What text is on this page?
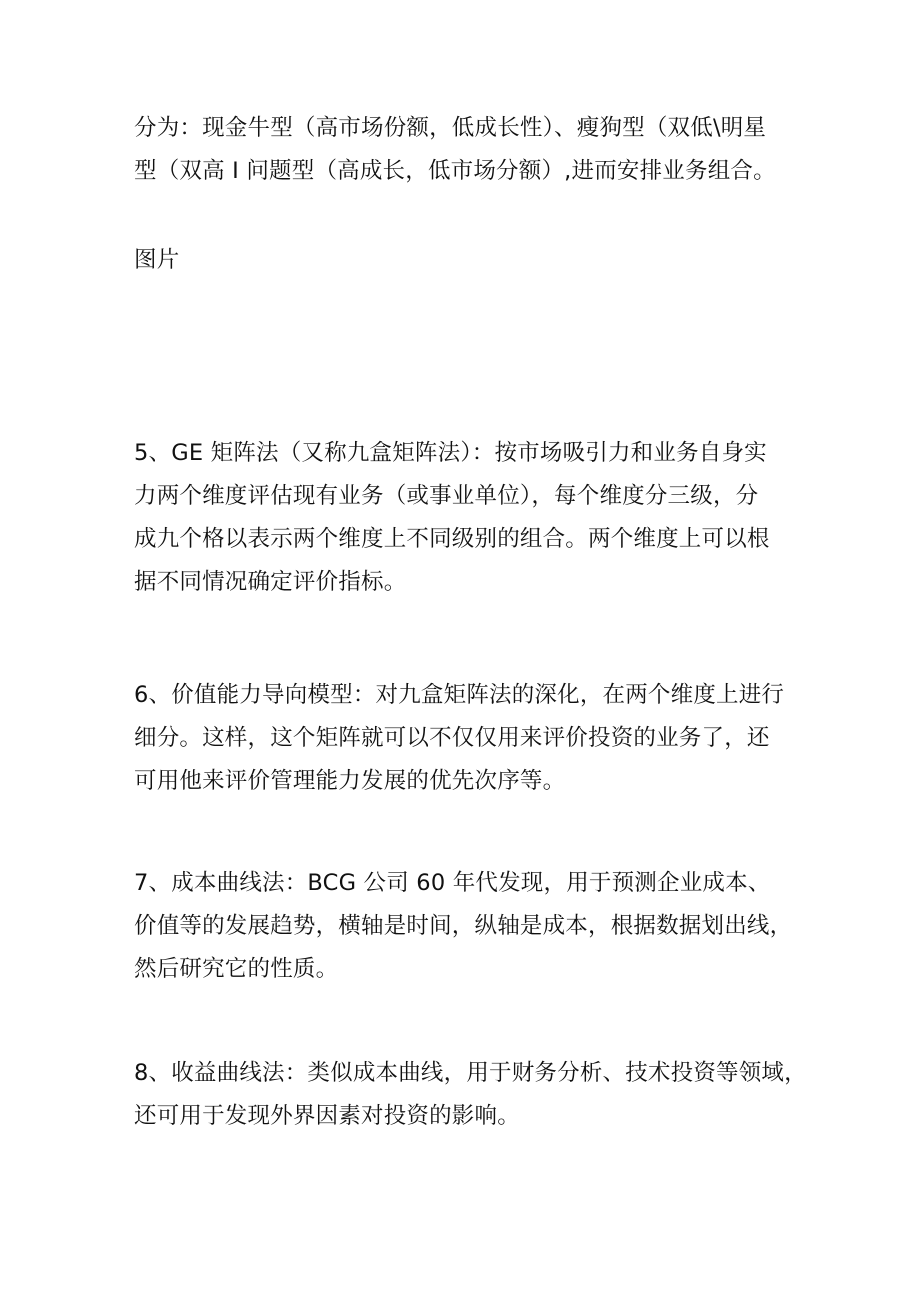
分为：现金牛型（高市场份额，低成长性）、瘦狗型（双低\明星
型（双高 I 问题型（高成长，低市场分额）,进而安排业务组合。

图片

5、GE 矩阵法（又称九盒矩阵法）：按市场吸引力和业务自身实
力两个维度评估现有业务（或事业单位），每个维度分三级，分
成九个格以表示两个维度上不同级别的组合。两个维度上可以根
据不同情况确定评价指标。

6、价值能力导向模型：对九盒矩阵法的深化，在两个维度上进行
细分。这样，这个矩阵就可以不仅仅用来评价投资的业务了，还
可用他来评价管理能力发展的优先次序等。

7、成本曲线法：BCG 公司 60 年代发现，用于预测企业成本、
价值等的发展趋势，横轴是时间，纵轴是成本，根据数据划出线，
然后研究它的性质。

8、收益曲线法：类似成本曲线，用于财务分析、技术投资等领域，
还可用于发现外界因素对投资的影响。
